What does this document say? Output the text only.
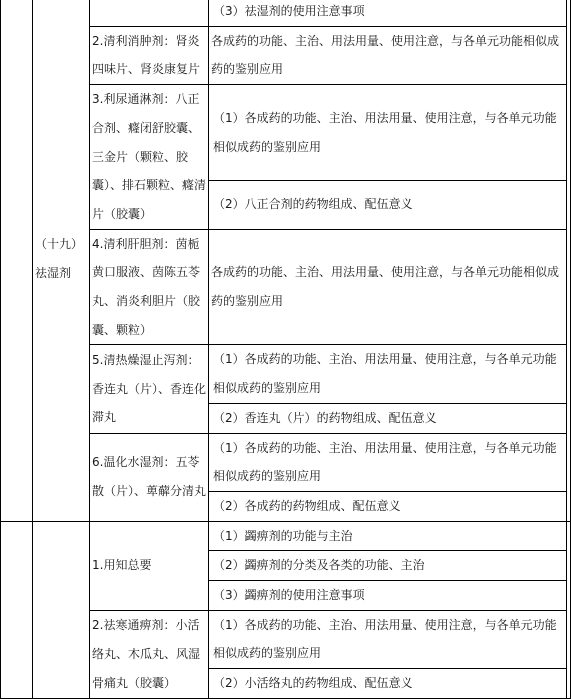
	（十九）祛湿剂		（3）祛湿剂的使用注意事项	
		2.清利消肿剂：肾炎四味片、肾炎康复片	各成药的功能、主治、用法用量、使用注意，与各单元功能相似成药的鉴别应用	
		3.利尿通淋剂：八正合剂、癃闭舒胶囊、三金片（颗粒、胶囊）、排石颗粒、癃清片（胶囊）	（1）各成药的功能、主治、用法用量、使用注意，与各单元功能相似成药的鉴别应用	
			（2）八正合剂的药物组成、配伍意义	
		4.清利肝胆剂：茵栀黄口服液、茵陈五苓丸、消炎利胆片（胶囊、颗粒）	各成药的功能、主治、用法用量、使用注意，与各单元功能相似成药的鉴别应用	
		5.清热燥湿止泻剂：香连丸（片）、香连化滞丸	（1）各成药的功能、主治、用法用量、使用注意，与各单元功能相似成药的鉴别应用	
			（2）香连丸（片）的药物组成、配伍意义	
		6.温化水湿剂：五苓散（片）、萆薢分清丸	（1）各成药的功能、主治、用法用量、使用注意，与各单元功能相似成药的鉴别应用	
			（2）各成药的药物组成、配伍意义	
		1.用知总要	（1）蠲痹剂的功能与主治	
			（2）蠲痹剂的分类及各类的功能、主治	
			（3）蠲痹剂的使用注意事项	
		2.祛寒通痹剂：小活络丸、木瓜丸、风湿骨痛丸（胶囊）	（1）各成药的功能、主治、用法用量、使用注意，与各单元功能相似成药的鉴别应用	
			（2）小活络丸的药物组成、配伍意义	
